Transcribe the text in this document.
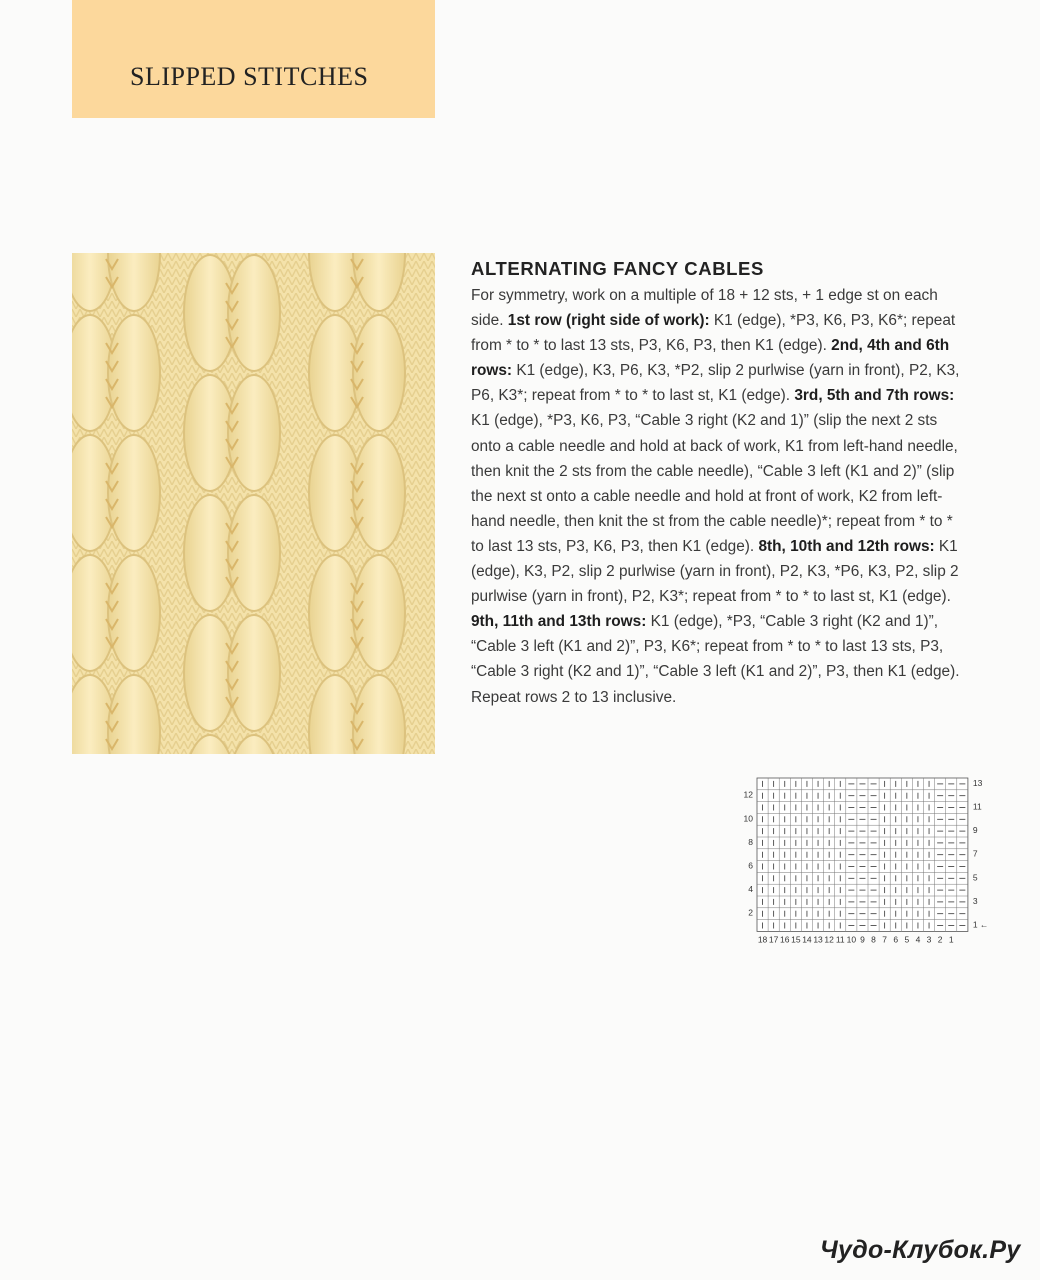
SLIPPED STITCHES
ALTERNATING FANCY CABLES
For symmetry, work on a multiple of 18 + 12 sts, + 1 edge st on each side. 1st row (right side of work): K1 (edge), *P3, K6, P3, K6*; repeat from * to * to last 13 sts, P3, K6, P3, then K1 (edge). 2nd, 4th and 6th rows: K1 (edge), K3, P6, K3, *P2, slip 2 purlwise (yarn in front), P2, K3, P6, K3*; repeat from * to * to last st, K1 (edge). 3rd, 5th and 7th rows: K1 (edge), *P3, K6, P3, “Cable 3 right (K2 and 1)” (slip the next 2 sts onto a cable needle and hold at back of work, K1 from left-hand needle, then knit the 2 sts from the cable needle), “Cable 3 left (K1 and 2)” (slip the next st onto a cable needle and hold at front of work, K2 from left-hand needle, then knit the st from the cable needle)*; repeat from * to * to last 13 sts, P3, K6, P3, then K1 (edge). 8th, 10th and 12th rows: K1 (edge), K3, P2, slip 2 purlwise (yarn in front), P2, K3, *P6, K3, P2, slip 2 purlwise (yarn in front), P2, K3*; repeat from * to * to last st, K1 (edge). 9th, 11th and 13th rows: K1 (edge), *P3, “Cable 3 right (K2 and 1)”, “Cable 3 left (K1 and 2)”, P3, K6*; repeat from * to * to last 13 sts, P3, “Cable 3 right (K2 and 1)”, “Cable 3 left (K1 and 2)”, P3, then K1 (edge). Repeat rows 2 to 13 inclusive.
13
11
9
7
5
3
1
12
10
8
6
4
2
←
18 17 16 15 14 13 12 11 10 9 8 7 6 5 4 3 2 1
Чудо-Клубок.Ру
